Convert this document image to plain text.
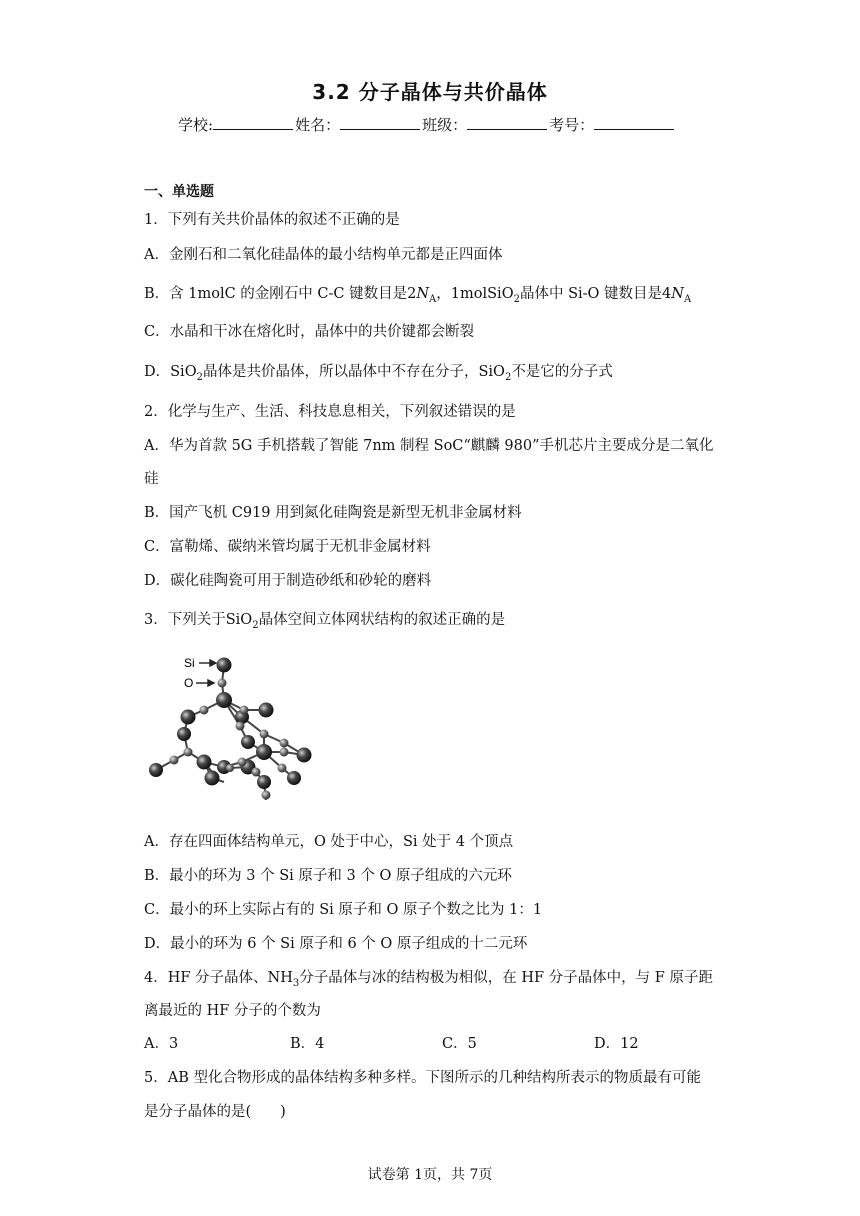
3.2 分子晶体与共价晶体
学校:	姓名：	班级：	考号：
一、单选题
1．下列有关共价晶体的叙述不正确的是
A．金刚石和二氧化硅晶体的最小结构单元都是正四面体
B．含 1molC 的金刚石中 C-C 键数目是$2N_A$，1molSiO$_2$晶体中 Si-O 键数目是$4N_A$
C．水晶和干冰在熔化时，晶体中的共价键都会断裂
D．SiO$_2$晶体是共价晶体，所以晶体中不存在分子，SiO$_2$不是它的分子式
2．化学与生产、生活、科技息息相关，下列叙述错误的是
A．华为首款 5G 手机搭载了智能 7nm 制程 SoC“麒麟 980”手机芯片主要成分是二氧化
硅
B．国产飞机 C919 用到氮化硅陶瓷是新型无机非金属材料
C．富勒烯、碳纳米管均属于无机非金属材料
D．碳化硅陶瓷可用于制造砂纸和砂轮的磨料
3．下列关于SiO$_2$晶体空间立体网状结构的叙述正确的是
Si
O
A．存在四面体结构单元，O 处于中心，Si 处于 4 个顶点
B．最小的环为 3 个 Si 原子和 3 个 O 原子组成的六元环
C．最小的环上实际占有的 Si 原子和 O 原子个数之比为 1：1
D．最小的环为 6 个 Si 原子和 6 个 O 原子组成的十二元环
4．HF 分子晶体、$NH_3$分子晶体与冰的结构极为相似，在 HF 分子晶体中，与 F 原子距
离最近的 HF 分子的个数为
A．3	B．4	C．5	D．12
5．AB 型化合物形成的晶体结构多种多样。下图所示的几种结构所表示的物质最有可能
是分子晶体的是(　　)
试卷第 1页，共 7页
